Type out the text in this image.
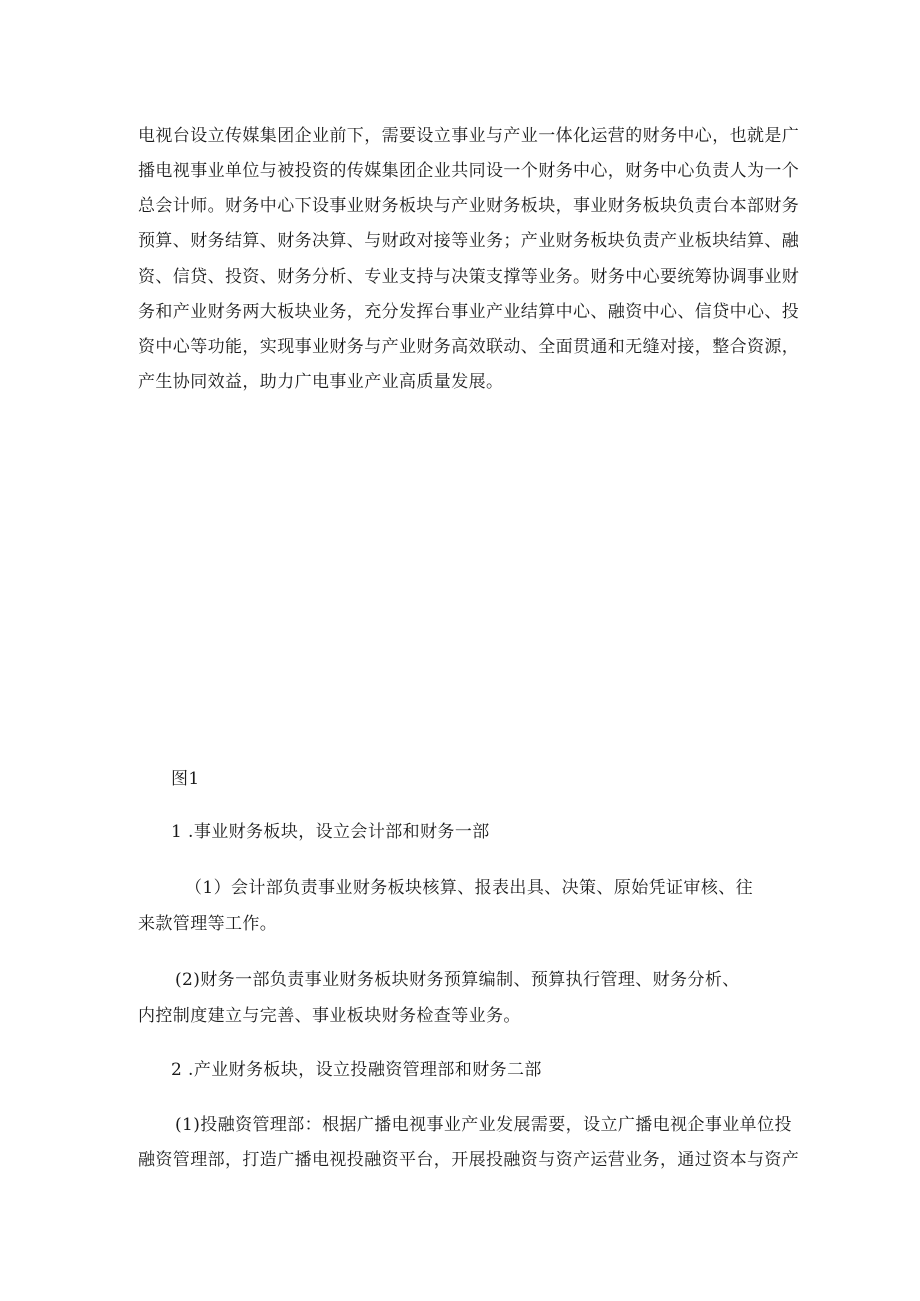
电视台设立传媒集团企业前下，需要设立事业与产业一体化运营的财务中心，也就是广
播电视事业单位与被投资的传媒集团企业共同设一个财务中心，财务中心负责人为一个
总会计师。财务中心下设事业财务板块与产业财务板块，事业财务板块负责台本部财务
预算、财务结算、财务决算、与财政对接等业务；产业财务板块负责产业板块结算、融
资、信贷、投资、财务分析、专业支持与决策支撑等业务。财务中心要统筹协调事业财
务和产业财务两大板块业务，充分发挥台事业产业结算中心、融资中心、信贷中心、投
资中心等功能，实现事业财务与产业财务高效联动、全面贯通和无缝对接，整合资源，
产生协同效益，助力广电事业产业高质量发展。
图1
1 .事业财务板块，设立会计部和财务一部
（1）会计部负责事业财务板块核算、报表出具、决策、原始凭证审核、往
来款管理等工作。
(2)财务一部负责事业财务板块财务预算编制、预算执行管理、财务分析、
内控制度建立与完善、事业板块财务检查等业务。
2 .产业财务板块，设立投融资管理部和财务二部
(1)投融资管理部：根据广播电视事业产业发展需要，设立广播电视企事业单位投
融资管理部，打造广播电视投融资平台，开展投融资与资产运营业务，通过资本与资产
